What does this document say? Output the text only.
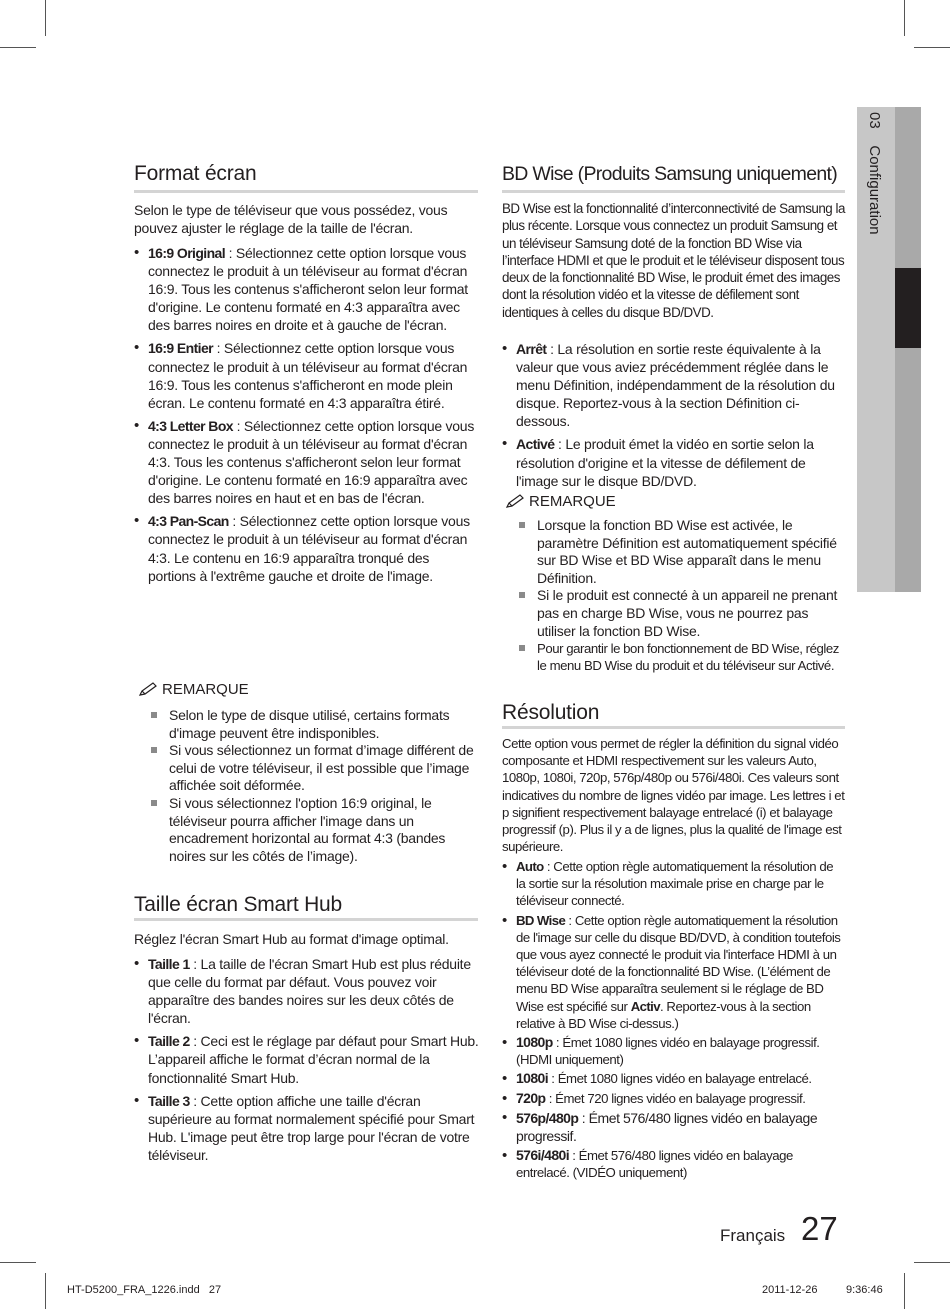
03    Configuration
Format écran

Selon le type de téléviseur que vous possédez, vous pouvez ajuster le réglage de la taille de l'écran.

• 16:9 Original : Sélectionnez cette option lorsque vous connectez le produit à un téléviseur au format d'écran 16:9. Tous les contenus s'afficheront selon leur format d'origine. Le contenu formaté en 4:3 apparaîtra avec des barres noires en droite et à gauche de l'écran.
• 16:9 Entier : Sélectionnez cette option lorsque vous connectez le produit à un téléviseur au format d'écran 16:9. Tous les contenus s'afficheront en mode plein écran. Le contenu formaté en 4:3 apparaîtra étiré.
• 4:3 Letter Box : Sélectionnez cette option lorsque vous connectez le produit à un téléviseur au format d'écran 4:3. Tous les contenus s'afficheront selon leur format d'origine. Le contenu formaté en 16:9 apparaîtra avec des barres noires en haut et en bas de l'écran.
• 4:3 Pan-Scan : Sélectionnez cette option lorsque vous connectez le produit à un téléviseur au format d'écran 4:3. Le contenu en 16:9 apparaîtra tronqué des portions à l'extrême gauche et droite de l'image.
REMARQUE
Selon le type de disque utilisé, certains formats d'image peuvent être indisponibles.
Si vous sélectionnez un format d’image différent de celui de votre téléviseur, il est possible que l’image affichée soit déformée.
Si vous sélectionnez l'option 16:9 original, le téléviseur pourra afficher l'image dans un encadrement horizontal au format 4:3 (bandes noires sur les côtés de l’image).
Taille écran Smart Hub

Réglez l'écran Smart Hub au format d'image optimal.

• Taille 1 : La taille de l'écran Smart Hub est plus réduite que celle du format par défaut. Vous pouvez voir apparaître des bandes noires sur les deux côtés de l'écran.
• Taille 2 : Ceci est le réglage par défaut pour Smart Hub. L’appareil affiche le format d’écran normal de la fonctionnalité Smart Hub.
• Taille 3 : Cette option affiche une taille d'écran supérieure au format normalement spécifié pour Smart Hub. L'image peut être trop large pour l'écran de votre téléviseur.
BD Wise (Produits Samsung uniquement)

BD Wise est la fonctionnalité d’interconnectivité de Samsung la plus récente. Lorsque vous connectez un produit Samsung et un téléviseur Samsung doté de la fonction BD Wise via l’interface HDMI et que le produit et le téléviseur disposent tous deux de la fonctionnalité BD Wise, le produit émet des images dont la résolution vidéo et la vitesse de défilement sont identiques à celles du disque BD/DVD.

• Arrêt : La résolution en sortie reste équivalente à la valeur que vous aviez précédemment réglée dans le menu Définition, indépendamment de la résolution du disque. Reportez-vous à la section Définition ci-dessous.
• Activé : Le produit émet la vidéo en sortie selon la résolution d'origine et la vitesse de défilement de l'image sur le disque BD/DVD.
REMARQUE
Lorsque la fonction BD Wise est activée, le paramètre Définition est automatiquement spécifié sur BD Wise et BD Wise apparaît dans le menu Définition.
Si le produit est connecté à un appareil ne prenant pas en charge BD Wise, vous ne pourrez pas utiliser la fonction BD Wise.
Pour garantir le bon fonctionnement de BD Wise, réglez le menu BD Wise du produit et du téléviseur sur Activé.
Résolution

Cette option vous permet de régler la définition du signal vidéo composante et HDMI respectivement sur les valeurs Auto, 1080p, 1080i, 720p, 576p/480p ou 576i/480i. Ces valeurs sont indicatives du nombre de lignes vidéo par image. Les lettres i et p signifient respectivement balayage entrelacé (i) et balayage progressif (p). Plus il y a de lignes, plus la qualité de l'image est supérieure.

• Auto : Cette option règle automatiquement la résolution de la sortie sur la résolution maximale prise en charge par le téléviseur connecté.
• BD Wise : Cette option règle automatiquement la résolution de l'image sur celle du disque BD/DVD, à condition toutefois que vous ayez connecté le produit via l'interface HDMI à un téléviseur doté de la fonctionnalité BD Wise. (L’élément de menu BD Wise apparaîtra seulement si le réglage de BD Wise est spécifié sur Activ. Reportez-vous à la section relative à BD Wise ci-dessus.)
• 1080p : Émet 1080 lignes vidéo en balayage progressif. (HDMI uniquement)
• 1080i : Émet 1080 lignes vidéo en balayage entrelacé.
• 720p : Émet 720 lignes vidéo en balayage progressif.
• 576p/480p : Émet 576/480 lignes vidéo en balayage progressif.
• 576i/480i : Émet 576/480 lignes vidéo en balayage entrelacé. (VIDÉO uniquement)
Français 27
HT-D5200_FRA_1226.indd   27	2011-12-26	9:36:46
